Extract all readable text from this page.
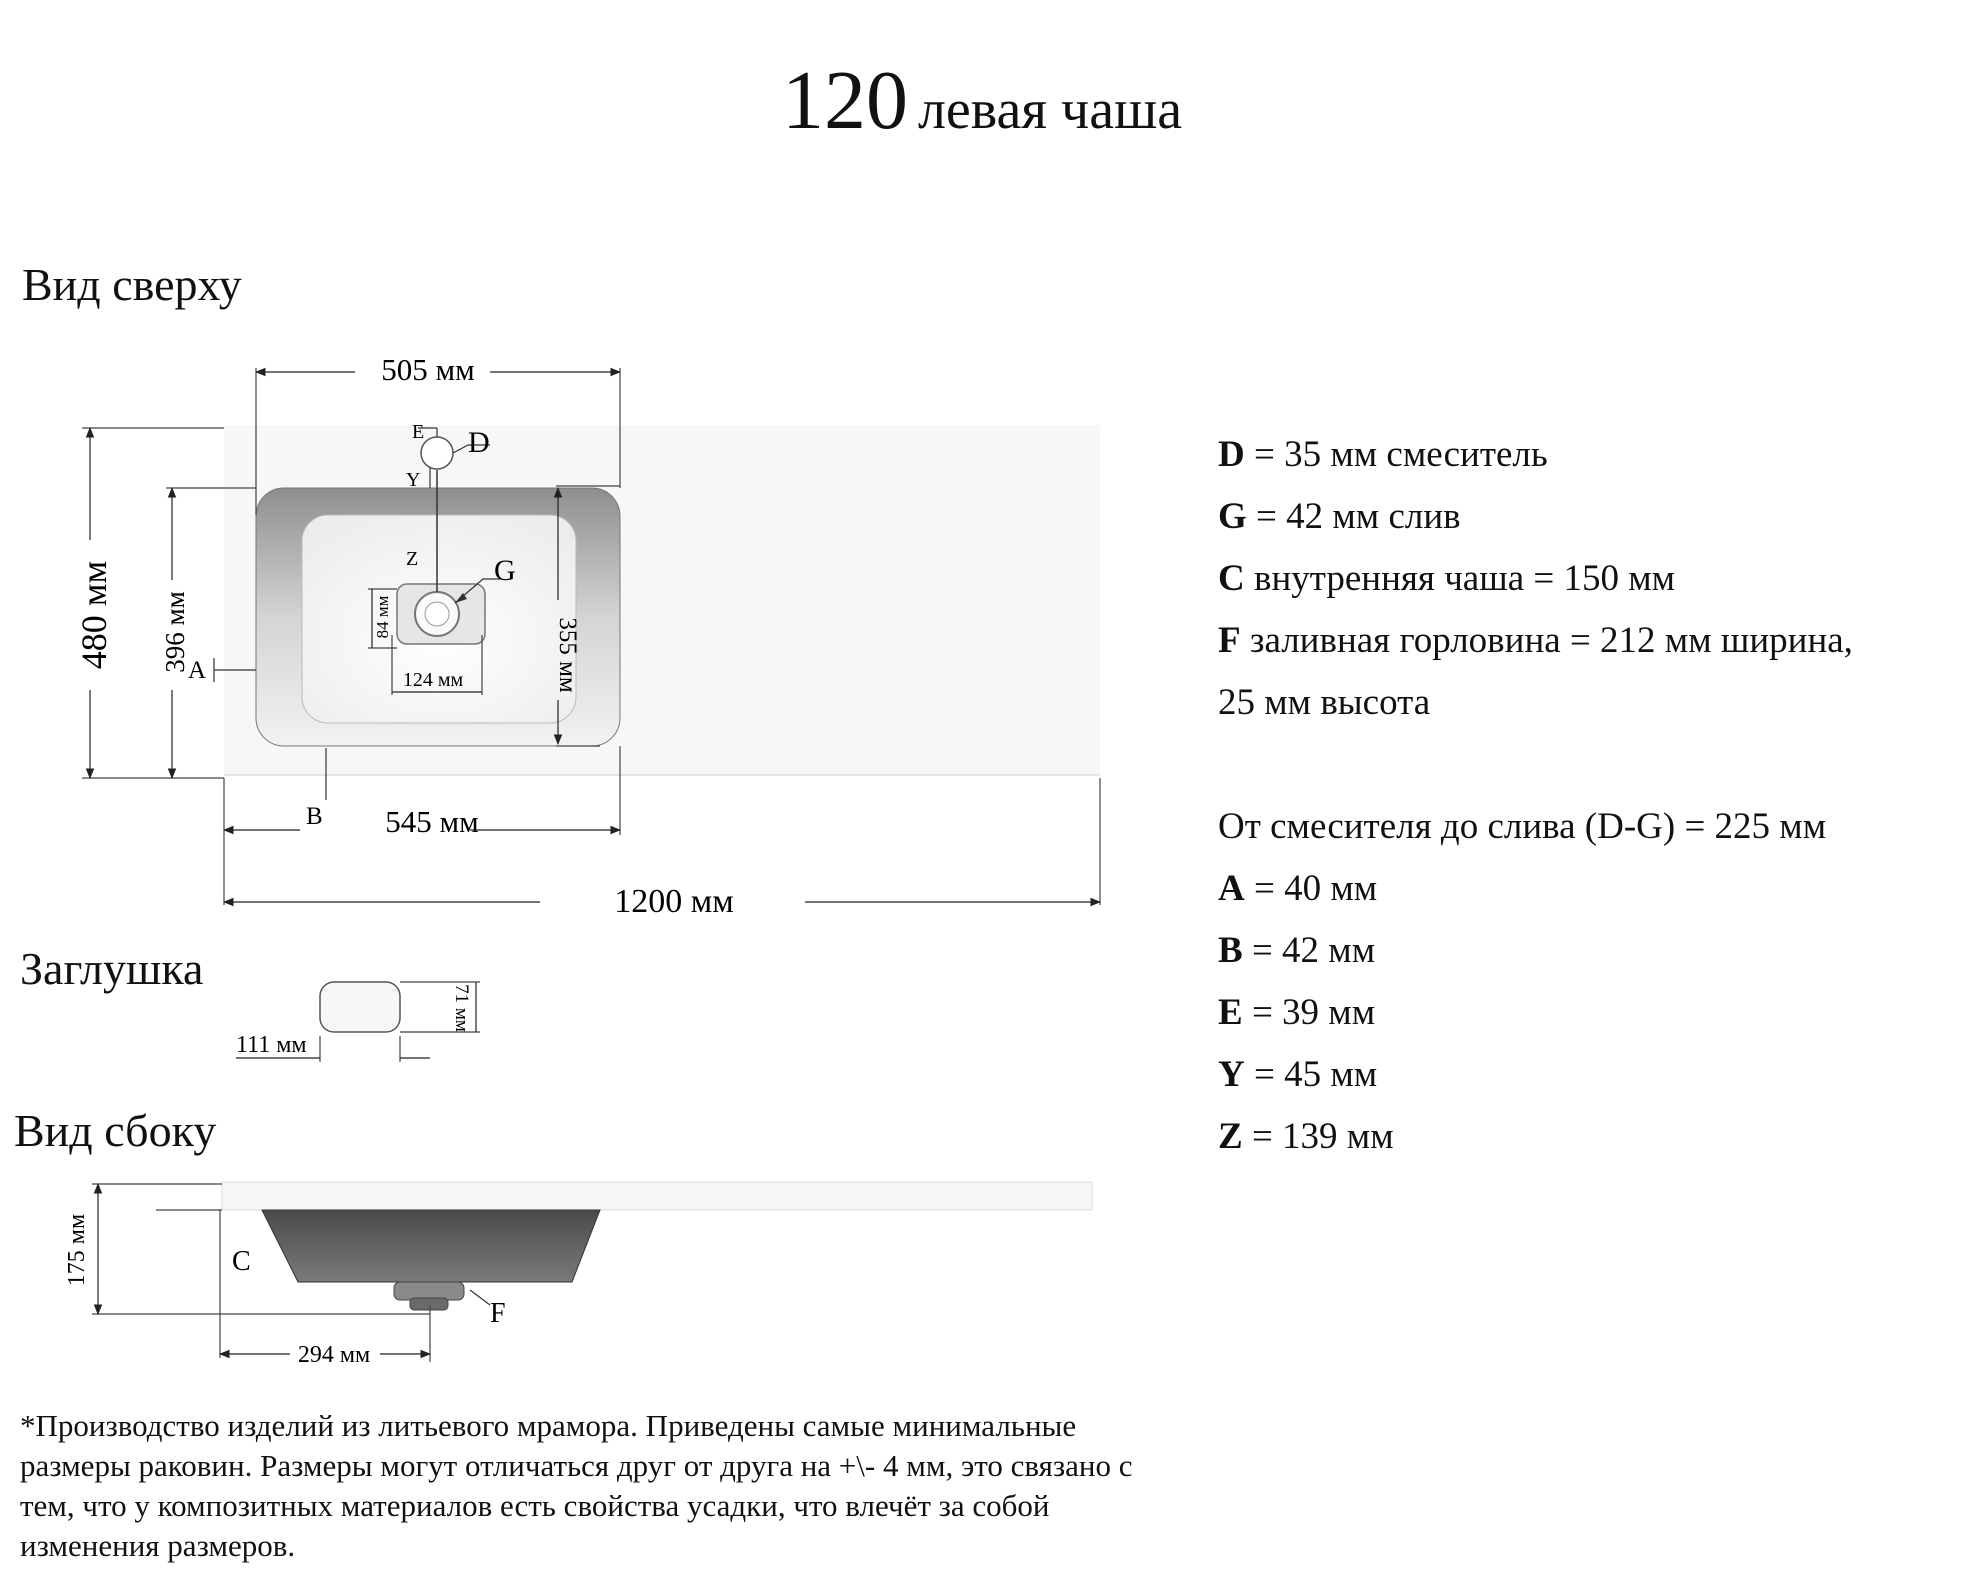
120 левая чаша
Вид сверху
Заглушка
Вид сбоку
505 мм
480 мм 396 мм	355 мм
84 мм
124 мм
545 мм
1200 мм
E D
Y
Z	G
A
B
111 мм
71 мм
175 мм
294 мм
C
F
D = 35 мм смеситель
G = 42 мм слив
C внутренняя чаша = 150 мм
F заливная горловина = 212 мм ширина,
25 мм высота
От смесителя до слива (D-G) = 225 мм
A = 40 мм
B = 42 мм
E = 39 мм
Y = 45 мм
Z = 139 мм
*Производство изделий из литьевого мрамора. Приведены самые минимальные размеры раковин. Размеры могут отличаться друг от друга на +\- 4 мм, это связано с тем, что у композитных материалов есть свойства усадки, что влечёт за собой изменения размеров.
